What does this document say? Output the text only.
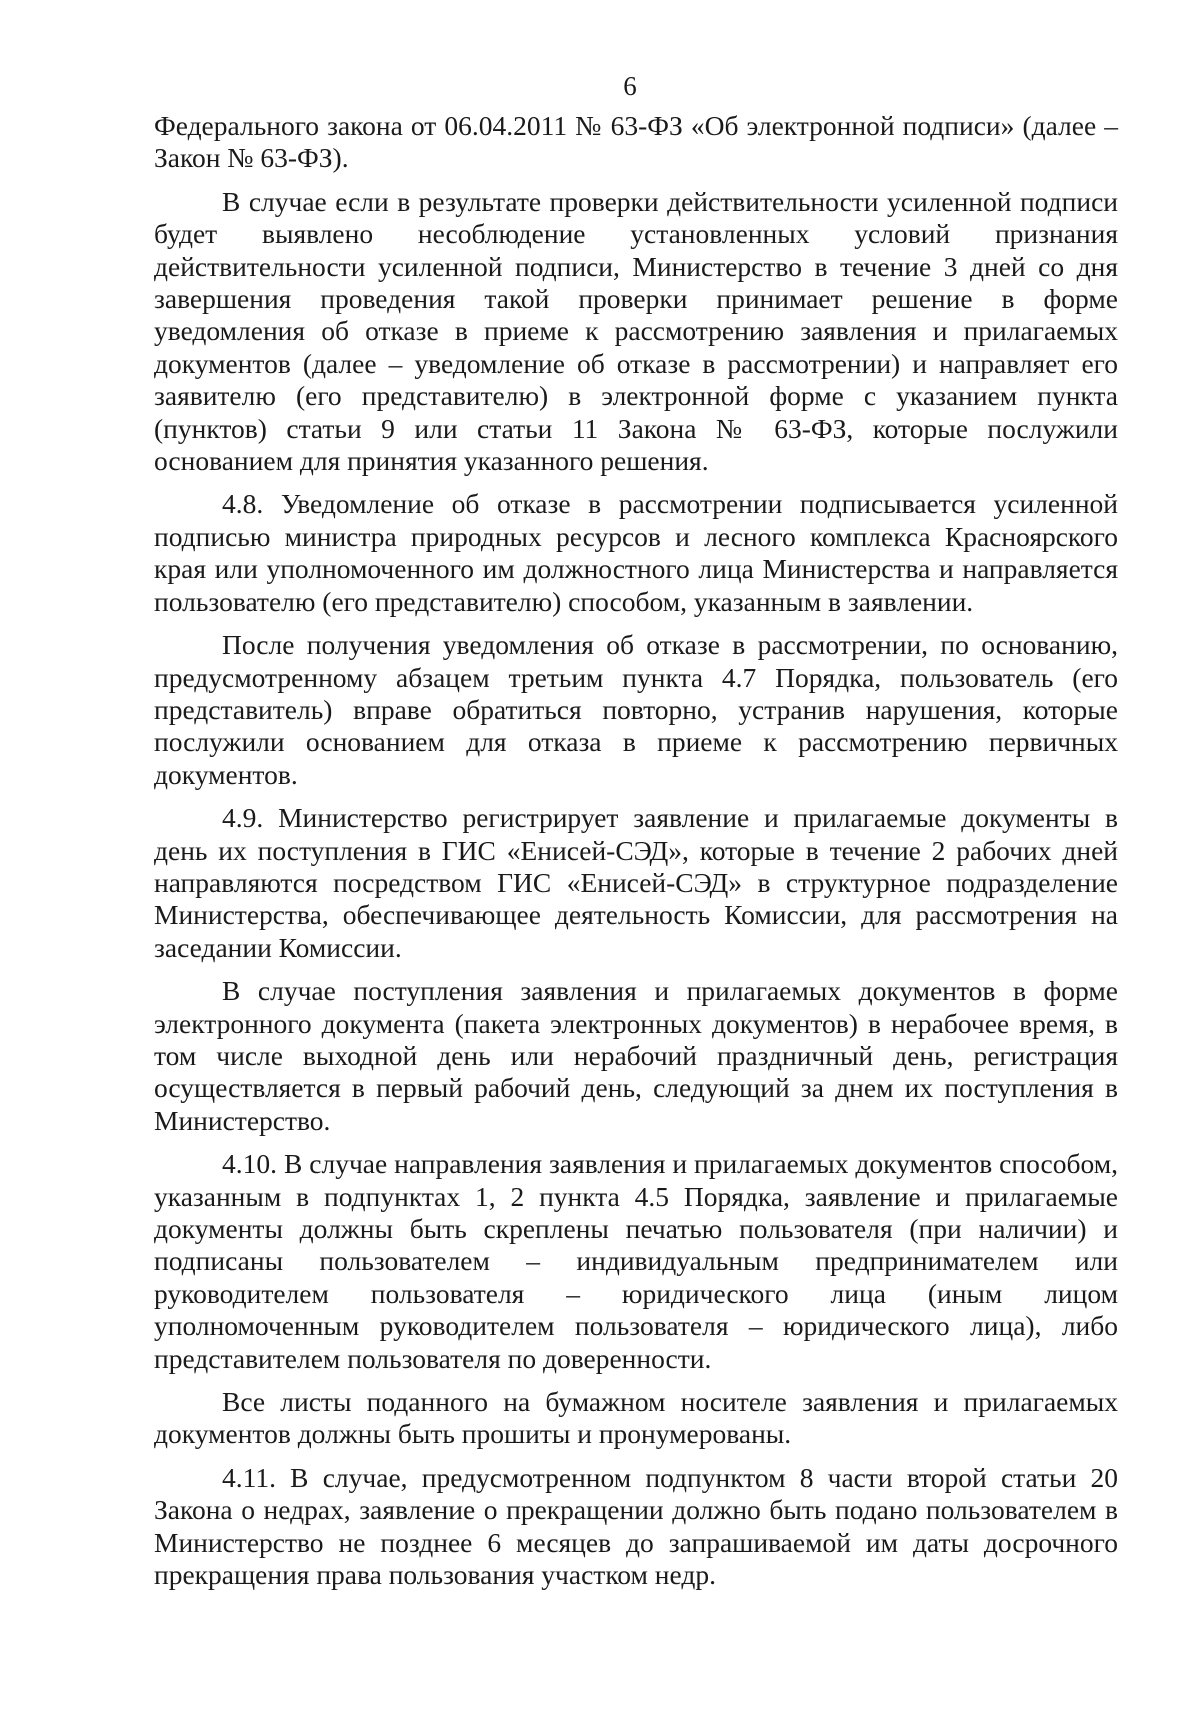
6

Федерального закона от 06.04.2011 № 63-ФЗ «Об электронной подписи» (далее – Закон № 63-ФЗ).

В случае если в результате проверки действительности усиленной подписи будет выявлено несоблюдение установленных условий признания действительности усиленной подписи, Министерство в течение 3 дней со дня завершения проведения такой проверки принимает решение в форме уведомления об отказе в приеме к рассмотрению заявления и прилагаемых документов (далее – уведомление об отказе в рассмотрении) и направляет его заявителю (его представителю) в электронной форме с указанием пункта (пунктов) статьи 9 или статьи 11 Закона № 63-ФЗ, которые послужили основанием для принятия указанного решения.

4.8. Уведомление об отказе в рассмотрении подписывается усиленной подписью министра природных ресурсов и лесного комплекса Красноярского края или уполномоченного им должностного лица Министерства и направляется пользователю (его представителю) способом, указанным в заявлении.

После получения уведомления об отказе в рассмотрении, по основанию, предусмотренному абзацем третьим пункта 4.7 Порядка, пользователь (его представитель) вправе обратиться повторно, устранив нарушения, которые послужили основанием для отказа в приеме к рассмотрению первичных документов.

4.9. Министерство регистрирует заявление и прилагаемые документы в день их поступления в ГИС «Енисей-СЭД», которые в течение 2 рабочих дней направляются посредством ГИС «Енисей-СЭД» в структурное подразделение Министерства, обеспечивающее деятельность Комиссии, для рассмотрения на заседании Комиссии.

В случае поступления заявления и прилагаемых документов в форме электронного документа (пакета электронных документов) в нерабочее время, в том числе выходной день или нерабочий праздничный день, регистрация осуществляется в первый рабочий день, следующий за днем их поступления в Министерство.

4.10. В случае направления заявления и прилагаемых документов способом, указанным в подпунктах 1, 2 пункта 4.5 Порядка, заявление и прилагаемые документы должны быть скреплены печатью пользователя (при наличии) и подписаны пользователем – индивидуальным предпринимателем или руководителем пользователя – юридического лица (иным лицом уполномоченным руководителем пользователя – юридического лица), либо представителем пользователя по доверенности.

Все листы поданного на бумажном носителе заявления и прилагаемых документов должны быть прошиты и пронумерованы.

4.11. В случае, предусмотренном подпунктом 8 части второй статьи 20 Закона о недрах, заявление о прекращении должно быть подано пользователем в Министерство не позднее 6 месяцев до запрашиваемой им даты досрочного прекращения права пользования участком недр.
